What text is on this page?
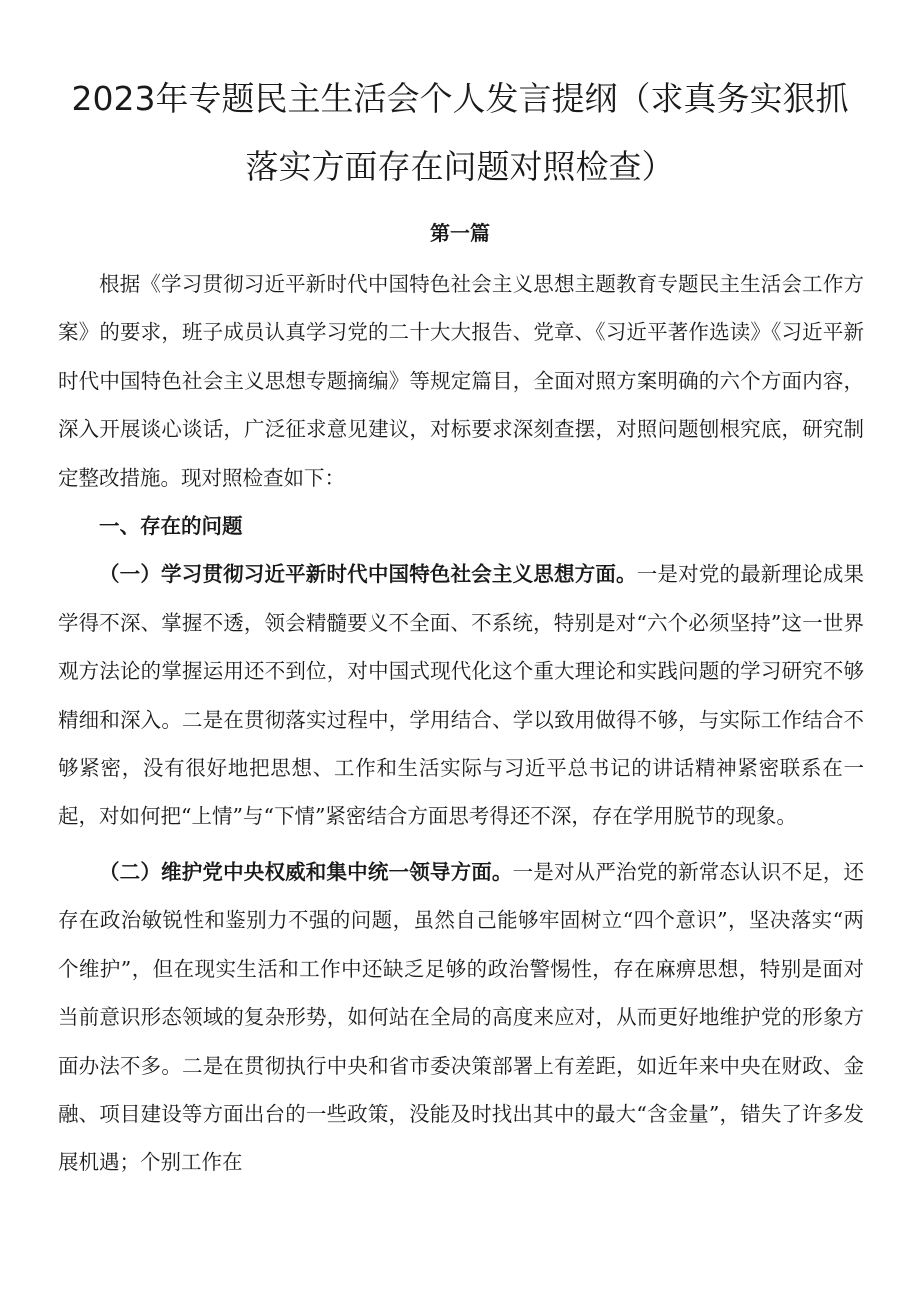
2023年专题民主生活会个人发言提纲（求真务实狠抓
落实方面存在问题对照检查）
第一篇

根据《学习贯彻习近平新时代中国特色社会主义思想主题教育专题民主生活会工作方案》的要求，班子成员认真学习党的二十大大报告、党章、《习近平著作选读》《习近平新时代中国特色社会主义思想专题摘编》等规定篇目，全面对照方案明确的六个方面内容，深入开展谈心谈话，广泛征求意见建议，对标要求深刻查摆，对照问题刨根究底，研究制定整改措施。现对照检查如下：

一、存在的问题

（一）学习贯彻习近平新时代中国特色社会主义思想方面。一是对党的最新理论成果学得不深、掌握不透，领会精髓要义不全面、不系统，特别是对“六个必须坚持”这一世界观方法论的掌握运用还不到位，对中国式现代化这个重大理论和实践问题的学习研究不够精细和深入。二是在贯彻落实过程中，学用结合、学以致用做得不够，与实际工作结合不够紧密，没有很好地把思想、工作和生活实际与习近平总书记的讲话精神紧密联系在一起，对如何把“上情”与“下情”紧密结合方面思考得还不深，存在学用脱节的现象。

（二）维护党中央权威和集中统一领导方面。一是对从严治党的新常态认识不足，还存在政治敏锐性和鉴别力不强的问题，虽然自己能够牢固树立“四个意识”，坚决落实“两个维护”，但在现实生活和工作中还缺乏足够的政治警惕性，存在麻痹思想，特别是面对当前意识形态领域的复杂形势，如何站在全局的高度来应对，从而更好地维护党的形象方面办法不多。二是在贯彻执行中央和省市委决策部署上有差距，如近年来中央在财政、金融、项目建设等方面出台的一些政策，没能及时找出其中的最大“含金量”，错失了许多发展机遇；个别工作在
